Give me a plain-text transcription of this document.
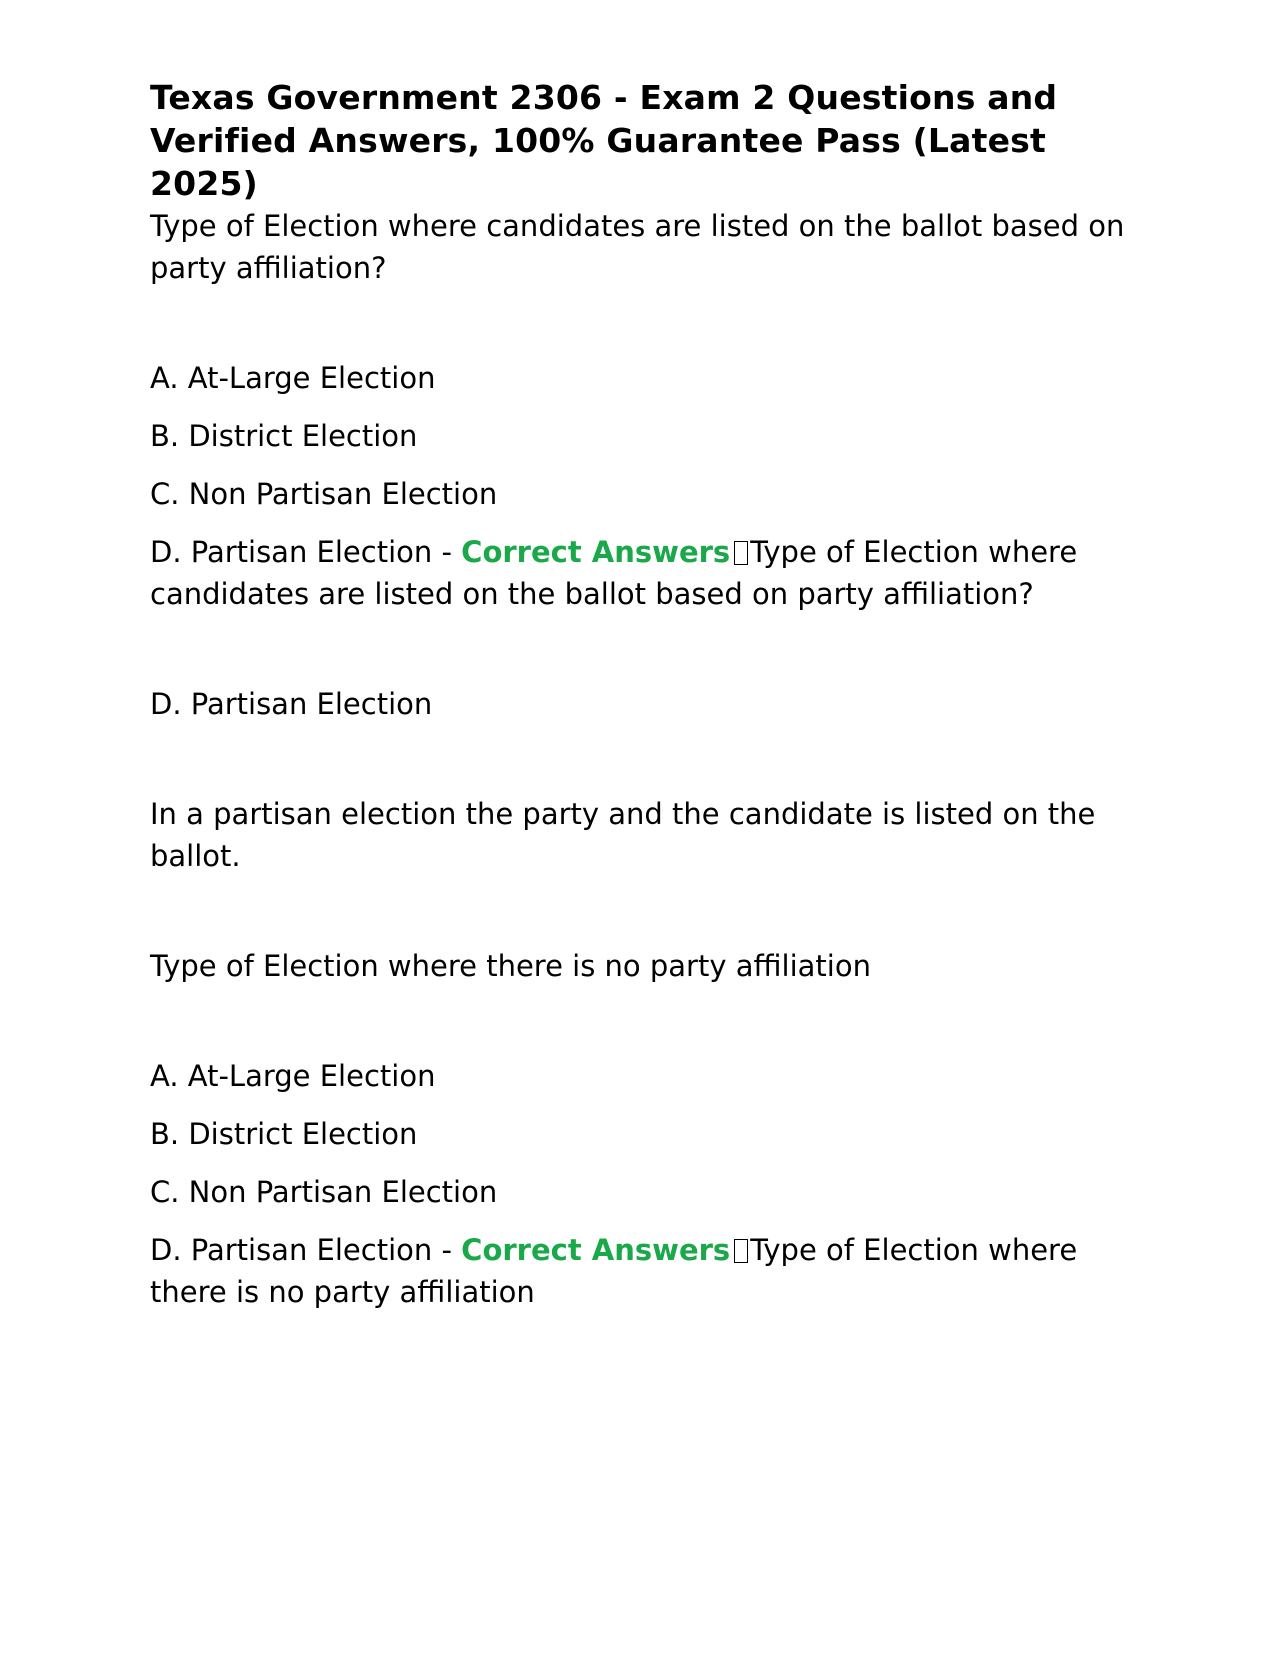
Texas Government 2306 - Exam 2 Questions and Verified Answers, 100% Guarantee Pass (Latest 2025)

Type of Election where candidates are listed on the ballot based on party affiliation?

A. At-Large Election

B. District Election

C. Non Partisan Election

D. Partisan Election - Correct Answers Type of Election where candidates are listed on the ballot based on party affiliation?

D. Partisan Election

In a partisan election the party and the candidate is listed on the ballot.

Type of Election where there is no party affiliation

A. At-Large Election

B. District Election

C. Non Partisan Election

D. Partisan Election - Correct Answers Type of Election where there is no party affiliation
